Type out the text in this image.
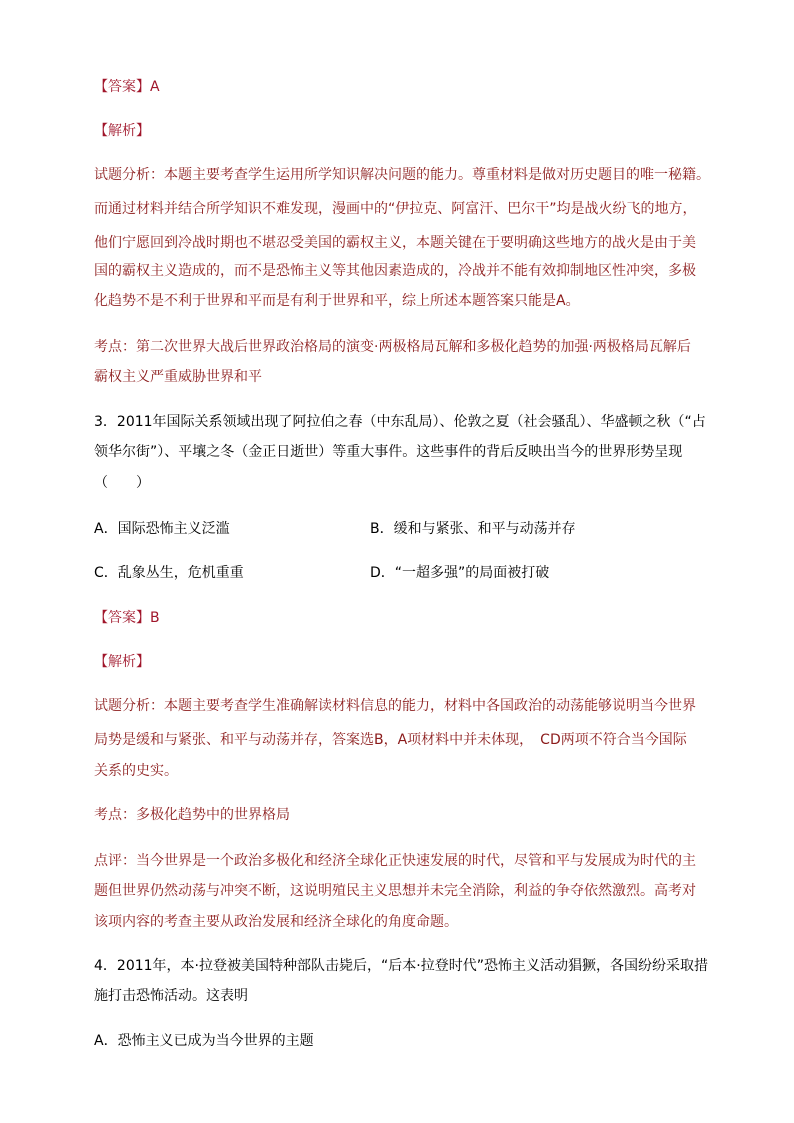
【答案】A
【解析】
试题分析：本题主要考查学生运用所学知识解决问题的能力。尊重材料是做对历史题目的唯一秘籍。
而通过材料并结合所学知识不难发现，漫画中的“伊拉克、阿富汗、巴尔干”均是战火纷飞的地方，
他们宁愿回到冷战时期也不堪忍受美国的霸权主义，本题关键在于要明确这些地方的战火是由于美
国的霸权主义造成的，而不是恐怖主义等其他因素造成的，冷战并不能有效抑制地区性冲突，多极
化趋势不是不利于世界和平而是有利于世界和平，综上所述本题答案只能是A。
考点：第二次世界大战后世界政治格局的演变·两极格局瓦解和多极化趋势的加强·两极格局瓦解后
霸权主义严重威胁世界和平
3．2011年国际关系领域出现了阿拉伯之春（中东乱局）、伦敦之夏（社会骚乱）、华盛顿之秋（“占
领华尔街”）、平壤之冬（金正日逝世）等重大事件。这些事件的背后反映出当今的世界形势呈现
（　　）
A．国际恐怖主义泛滥	B．缓和与紧张、和平与动荡并存
C．乱象丛生，危机重重	D．“一超多强”的局面被打破
【答案】B
【解析】
试题分析：本题主要考查学生准确解读材料信息的能力，材料中各国政治的动荡能够说明当今世界
局势是缓和与紧张、和平与动荡并存，答案选B，A项材料中并未体现，　CD两项不符合当今国际
关系的史实。
考点：多极化趋势中的世界格局
点评：当今世界是一个政治多极化和经济全球化正快速发展的时代，尽管和平与发展成为时代的主
题但世界仍然动荡与冲突不断，这说明殖民主义思想并未完全消除，利益的争夺依然激烈。高考对
该项内容的考查主要从政治发展和经济全球化的角度命题。
4．2011年，本·拉登被美国特种部队击毙后，“后本·拉登时代”恐怖主义活动猖獗，各国纷纷采取措
施打击恐怖活动。这表明
A．恐怖主义已成为当今世界的主题
